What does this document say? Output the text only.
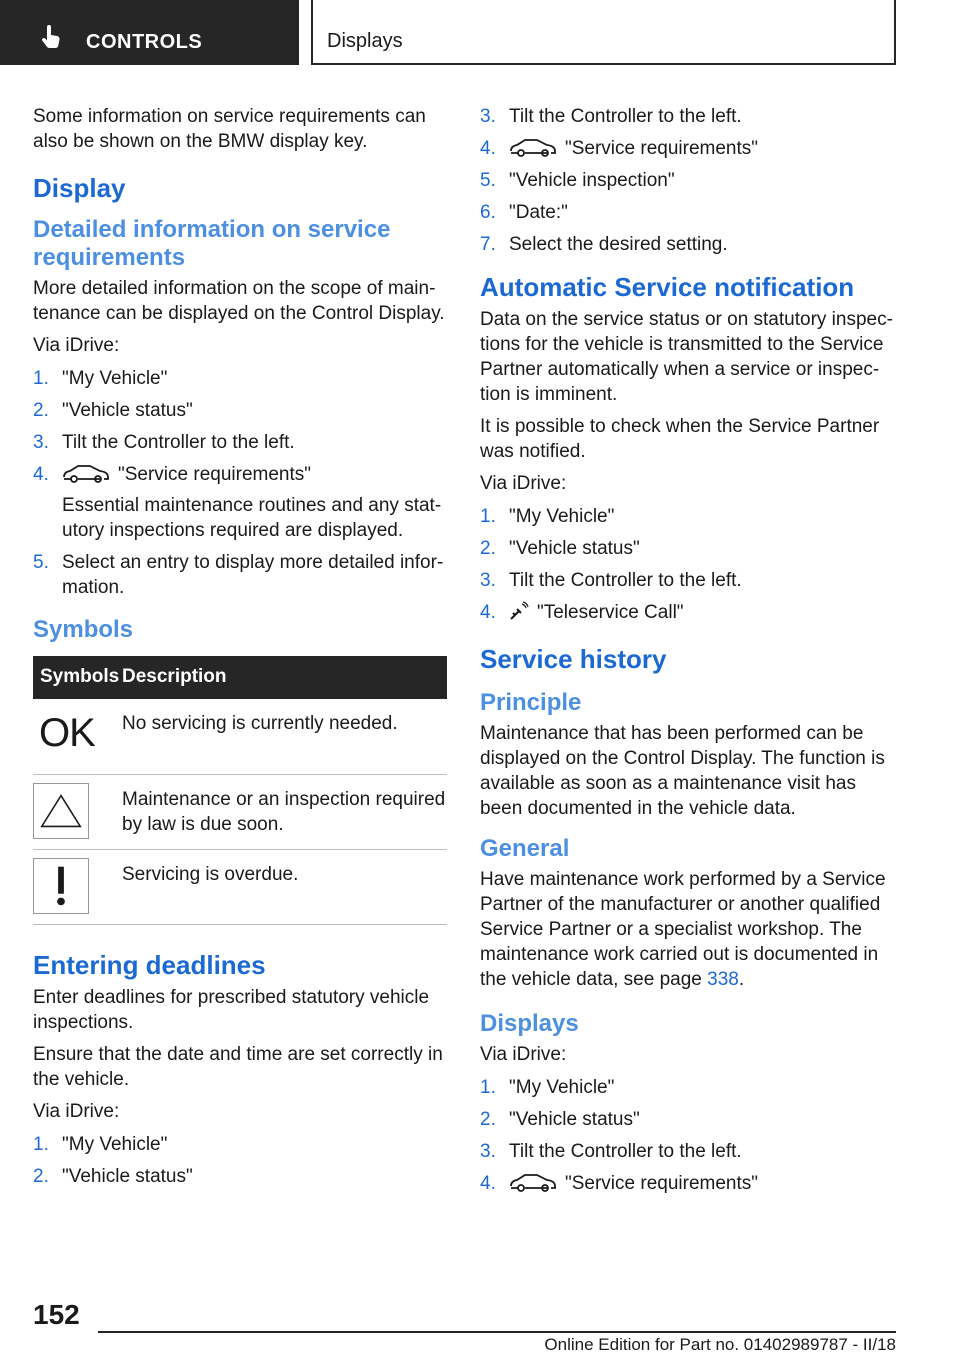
CONTROLS	Displays

Some information on service requirements can also be shown on the BMW display key.

Display
Detailed information on service requirements

More detailed information on the scope of maintenance can be displayed on the Control Display.

Via iDrive:

1. "My Vehicle"
2. "Vehicle status"
3. Tilt the Controller to the left.
4.	"Service requirements"
Essential maintenance routines and any statutory inspections required are displayed.
5. Select an entry to display more detailed information.
Symbols
Symbols	Description
OK	No servicing is currently needed.

	Maintenance or an inspection required by law is due soon.

	Servicing is overdue.
Entering deadlines

Enter deadlines for prescribed statutory vehicle inspections.

Ensure that the date and time are set correctly in the vehicle.

Via iDrive:

1. "My Vehicle"
2. "Vehicle status"
3. Tilt the Controller to the left.
4.	"Service requirements"
5. "Vehicle inspection"
6. "Date:"
7. Select the desired setting.
Automatic Service notification

Data on the service status or on statutory inspections for the vehicle is transmitted to the Service Partner automatically when a service or inspection is imminent.

It is possible to check when the Service Partner was notified.

Via iDrive:

1. "My Vehicle"
2. "Vehicle status"
3. Tilt the Controller to the left.
4. "Teleservice Call"
Service history
Principle

Maintenance that has been performed can be displayed on the Control Display. The function is available as soon as a maintenance visit has been documented in the vehicle data.

General

Have maintenance work performed by a Service Partner of the manufacturer or another qualified Service Partner or a specialist workshop. The maintenance work carried out is documented in the vehicle data, see page 338.

Displays

Via iDrive:

1. "My Vehicle"
2. "Vehicle status"
3. Tilt the Controller to the left.
4.	"Service requirements"
152
Online Edition for Part no. 01402989787 - II/18
